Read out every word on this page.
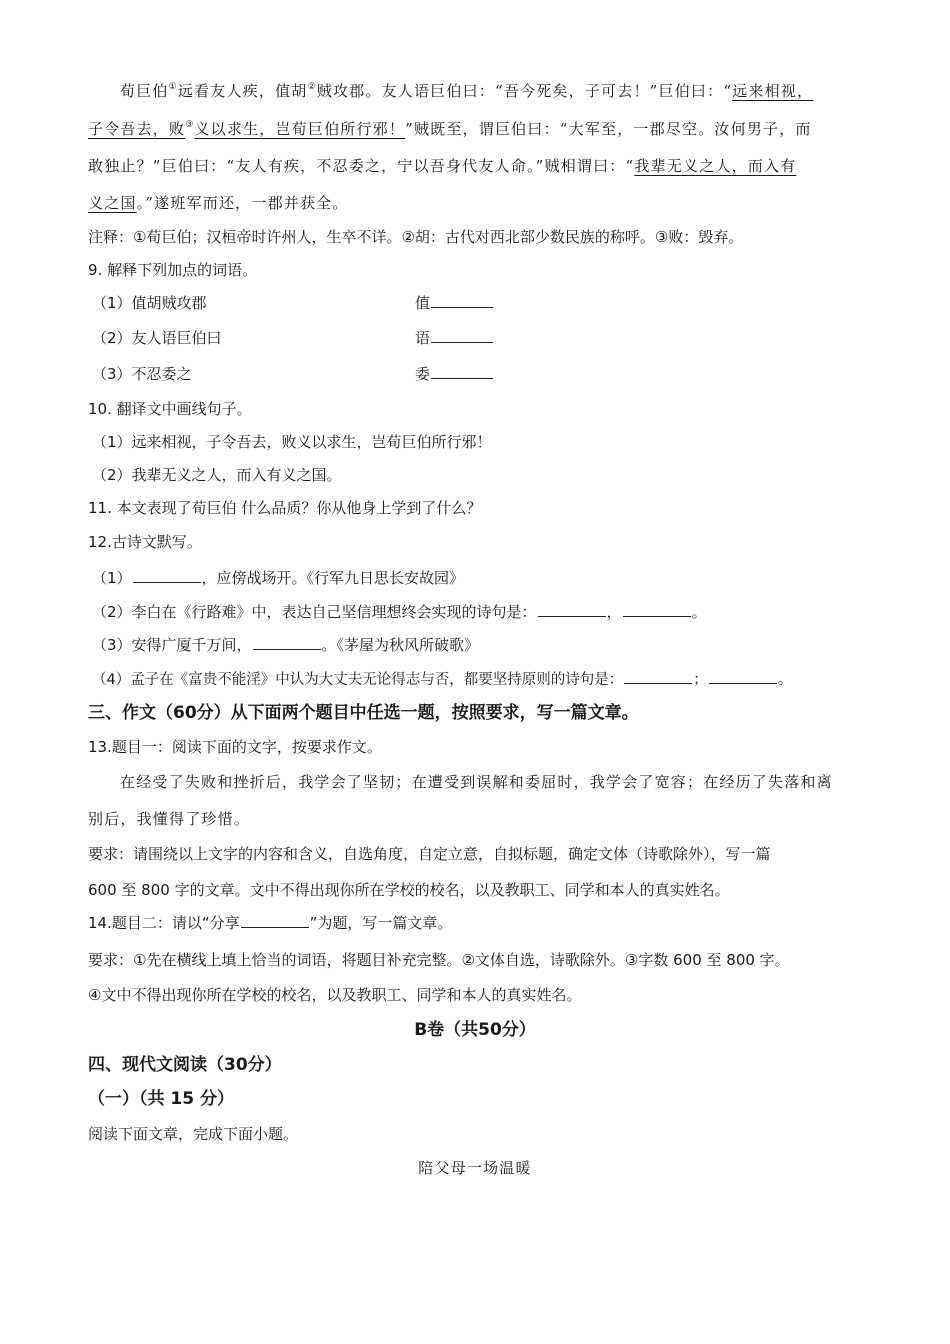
荀巨伯①远看友人疾，值胡②贼攻郡。友人语巨伯曰：“吾今死矣，子可去！”巨伯曰：“远来相视，
子令吾去，败③义以求生，岂荀巨伯所行邪！”贼既至，谓巨伯曰：“大军至，一郡尽空。汝何男子，而
敢独止？”巨伯曰：“友人有疾，不忍委之，宁以吾身代友人命。”贼相谓曰：“我辈无义之人，而入有
义之国。”遂班军而还，一郡并获全。
注释：①荀巨伯；汉桓帝时许州人，生卒不详。②胡：古代对西北部少数民族的称呼。③败：毁弃。
9. 解释下列加点的词语。
（1）值胡贼攻郡	值
（2）友人语巨伯曰	语
（3）不忍委之	委
10. 翻译文中画线句子。
（1）远来相视，子令吾去，败义以求生，岂荀巨伯所行邪！
（2）我辈无义之人，而入有义之国。
11. 本文表现了荀巨伯 什么品质？你从他身上学到了什么？
12.古诗文默写。
（1）	，应傍战场开。《行军九日思长安故园》
（2）李白在《行路难》中，表达自己坚信理想终会实现的诗句是：	，	。
（3）安得广厦千万间，	。《茅屋为秋风所破歌》
（4）孟子在《富贵不能淫》中认为大丈夫无论得志与否，都要坚持原则的诗句是：	；	。
三、作文（60分）从下面两个题目中任选一题，按照要求，写一篇文章。
13.题目一：阅读下面的文字，按要求作文。
在经受了失败和挫折后，我学会了坚韧；在遭受到误解和委屈时，我学会了宽容；在经历了失落和离
别后，我懂得了珍惜。
要求：请围绕以上文字的内容和含义，自选角度，自定立意，自拟标题，确定文体（诗歌除外），写一篇
600 至 800 字的文章。文中不得出现你所在学校的校名，以及教职工、同学和本人的真实姓名。
14.题目二：请以“分享	”为题，写一篇文章。
要求：①先在横线上填上恰当的词语，将题目补充完整。②文体自选，诗歌除外。③字数 600 至 800 字。
④文中不得出现你所在学校的校名，以及教职工、同学和本人的真实姓名。
B卷（共50分）
四、现代文阅读（30分）
（一）（共 15 分）
阅读下面文章，完成下面小题。
陪父母一场温暖
